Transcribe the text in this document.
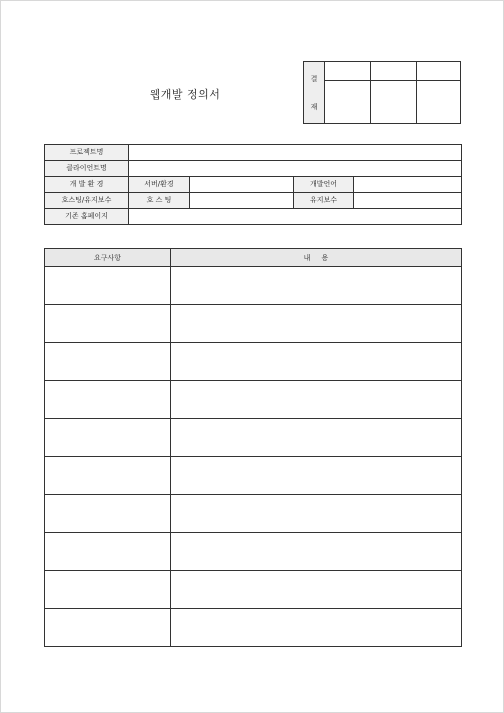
웹개발 정의서
결
재
프로젝트명				
클라이언트명				
개 발 환 경	서버/환경		개발언어	
호스팅/유지보수	호 스 팅		유지보수	
기존 홈페이지				
요구사항	내     용
